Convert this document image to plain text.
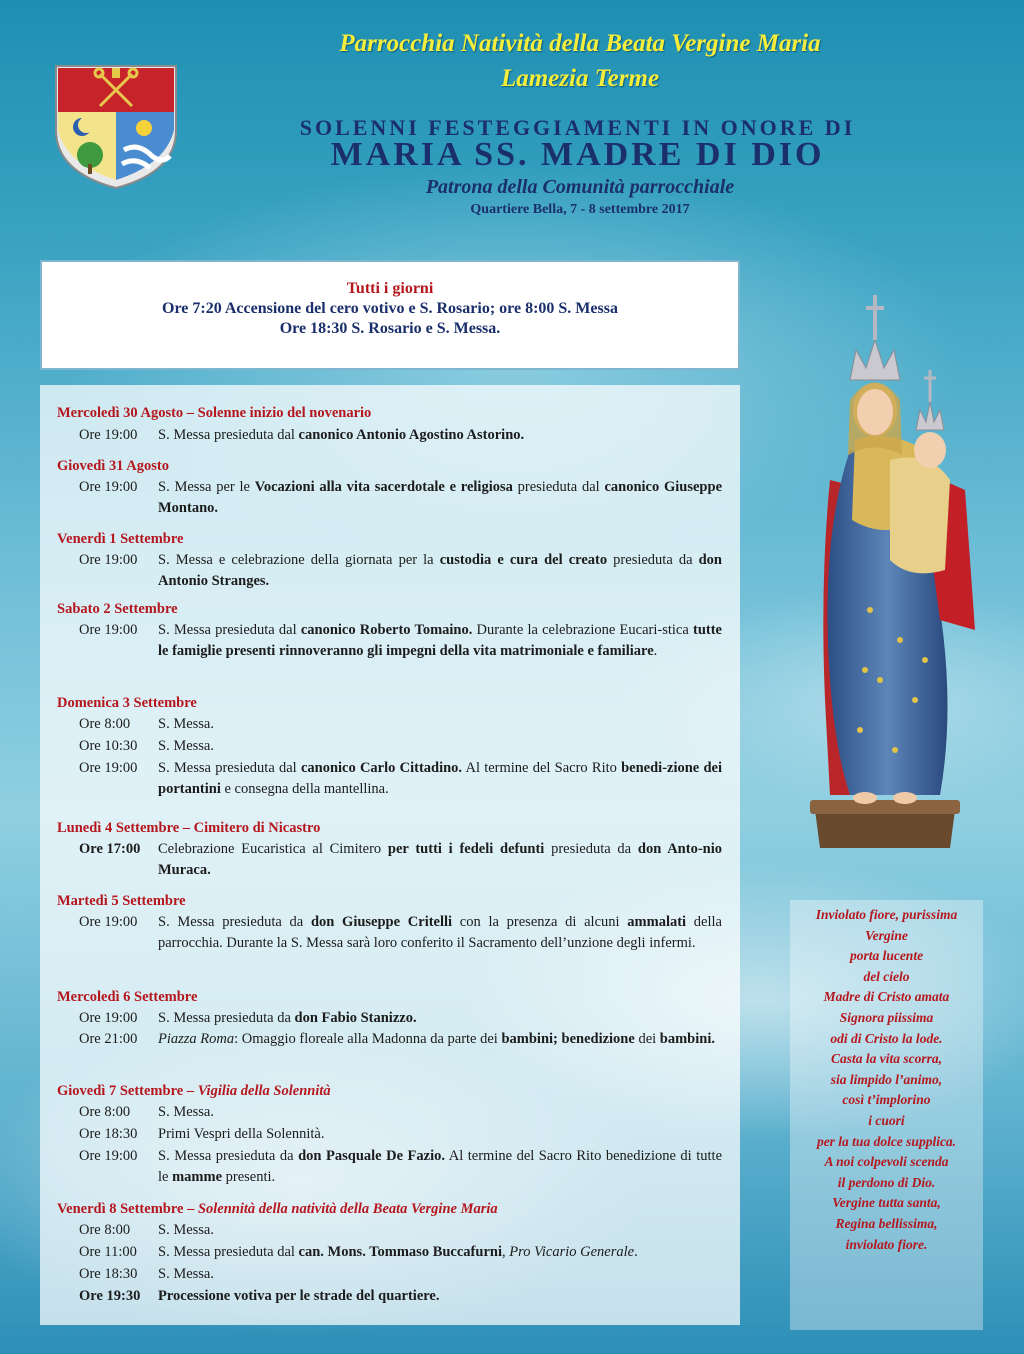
Parrocchia Natività della Beata Vergine Maria
Lamezia Terme
SOLENNI FESTEGGIAMENTI IN ONORE DI
MARIA SS. MADRE DI DIO
Patrona della Comunità parrocchiale
Quartiere Bella, 7 - 8 settembre 2017
Tutti i giorni
Ore 7:20 Accensione del cero votivo e S. Rosario; ore 8:00 S. Messa
Ore 18:30 S. Rosario e S. Messa.
Mercoledì 30 Agosto – Solenne inizio del novenario
Ore 19:00	S. Messa presieduta dal canonico Antonio Agostino Astorino.
Giovedì 31 Agosto
Ore 19:00	S. Messa per le Vocazioni alla vita sacerdotale e religiosa presieduta dal canonico Giuseppe Montano.
Venerdì 1 Settembre
Ore 19:00	S. Messa e celebrazione della giornata per la custodia e cura del creato presieduta da don Antonio Stranges.
Sabato 2 Settembre
Ore 19:00	S. Messa presieduta dal canonico Roberto Tomaino. Durante la celebrazione Eucari-stica tutte le famiglie presenti rinnoveranno gli impegni della vita matrimoniale e familiare.
Domenica 3 Settembre
Ore 8:00	S. Messa.
Ore 10:30	S. Messa.
Ore 19:00	S. Messa presieduta dal canonico Carlo Cittadino. Al termine del Sacro Rito benedi-zione dei portantini e consegna della mantellina.
Lunedì 4 Settembre – Cimitero di Nicastro
Ore 17:00	Celebrazione Eucaristica al Cimitero per tutti i fedeli defunti presieduta da don Anto-nio Muraca.
Martedì 5 Settembre
Ore 19:00	S. Messa presieduta da don Giuseppe Critelli con la presenza di alcuni ammalati della parrocchia. Durante la S. Messa sarà loro conferito il Sacramento dell’unzione degli infermi.
Mercoledì 6 Settembre
Ore 19:00	S. Messa presieduta da don Fabio Stanizzo.
Ore 21:00	Piazza Roma: Omaggio floreale alla Madonna da parte dei bambini; benedizione dei bambini.
Giovedì 7 Settembre – Vigilia della Solennità
Ore 8:00	S. Messa.
Ore 18:30	Primi Vespri della Solennità.
Ore 19:00	S. Messa presieduta da don Pasquale De Fazio. Al termine del Sacro Rito benedizione di tutte le mamme presenti.
Venerdì 8 Settembre – Solennità della natività della Beata Vergine Maria
Ore 8:00	S. Messa.
Ore 11:00	S. Messa presieduta dal can. Mons. Tommaso Buccafurni, Pro Vicario Generale.
Ore 18:30	S. Messa.
Ore 19:30	Processione votiva per le strade del quartiere.
Inviolato fiore, purissima
Vergine
porta lucente
del cielo
Madre di Cristo amata
Signora piissima
odi di Cristo la lode.
Casta la vita scorra,
sia limpido l’animo,
così t’implorino
i cuori
per la tua dolce supplica.
A noi colpevoli scenda
il perdono di Dio.
Vergine tutta santa,
Regina bellissima,
inviolato fiore.
